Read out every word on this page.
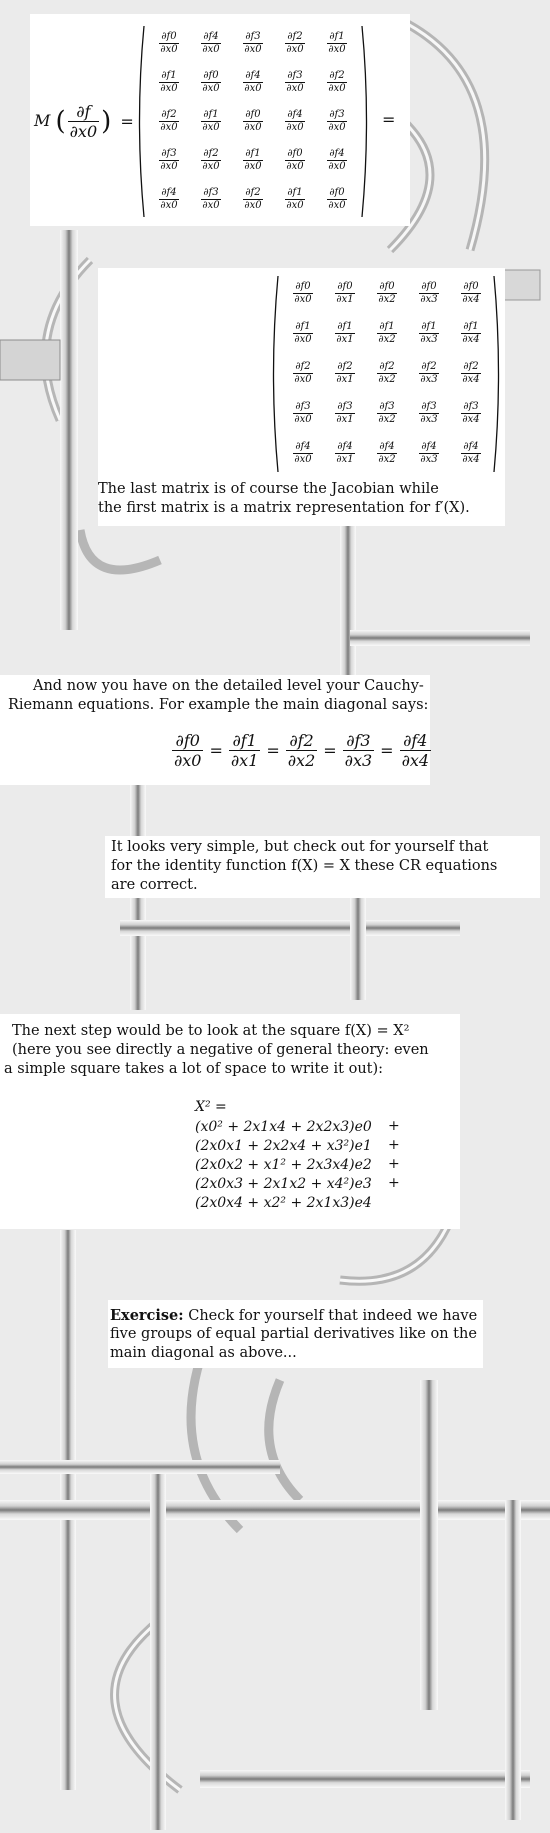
M ( $\frac{\partial f}{\partial x0}$ ) =
$\frac{\partial f0}{\partial x0} \frac{\partial f4}{\partial x0} \frac{\partial f3}{\partial x0} \frac{\partial f2}{\partial x0} \frac{\partial f1}{\partial x0}$
$\frac{\partial f1}{\partial x0} \frac{\partial f0}{\partial x0} \frac{\partial f4}{\partial x0} \frac{\partial f3}{\partial x0} \frac{\partial f2}{\partial x0}$
$\frac{\partial f2}{\partial x0} \frac{\partial f1}{\partial x0} \frac{\partial f0}{\partial x0} \frac{\partial f4}{\partial x0} \frac{\partial f3}{\partial x0}$
$\frac{\partial f3}{\partial x0} \frac{\partial f2}{\partial x0} \frac{\partial f1}{\partial x0} \frac{\partial f0}{\partial x0} \frac{\partial f4}{\partial x0}$
$\frac{\partial f4}{\partial x0} \frac{\partial f3}{\partial x0} \frac{\partial f2}{\partial x0} \frac{\partial f1}{\partial x0} \frac{\partial f0}{\partial x0}$
=
$\frac{\partial f0}{\partial x0} \frac{\partial f0}{\partial x1} \frac{\partial f0}{\partial x2} \frac{\partial f0}{\partial x3} \frac{\partial f0}{\partial x4}$
$\frac{\partial f1}{\partial x0} \frac{\partial f1}{\partial x1} \frac{\partial f1}{\partial x2} \frac{\partial f1}{\partial x3} \frac{\partial f1}{\partial x4}$
$\frac{\partial f2}{\partial x0} \frac{\partial f2}{\partial x1} \frac{\partial f2}{\partial x2} \frac{\partial f2}{\partial x3} \frac{\partial f2}{\partial x4}$
$\frac{\partial f3}{\partial x0} \frac{\partial f3}{\partial x1} \frac{\partial f3}{\partial x2} \frac{\partial f3}{\partial x3} \frac{\partial f3}{\partial x4}$
$\frac{\partial f4}{\partial x0} \frac{\partial f4}{\partial x1} \frac{\partial f4}{\partial x2} \frac{\partial f4}{\partial x3} \frac{\partial f4}{\partial x4}$
The last matrix is of course the Jacobian while
the first matrix is a matrix representation for f′(X).
And now you have on the detailed level your Cauchy-
Riemann equations. For example the main diagonal says:
$\frac{\partial f0}{\partial x0} = \frac{\partial f1}{\partial x1} = \frac{\partial f2}{\partial x2} = \frac{\partial f3}{\partial x3} = \frac{\partial f4}{\partial x4}$
It looks very simple, but check out for yourself that
for the identity function f(X) = X these CR equations
are correct.
The next step would be to look at the square f(X) = X²
(here you see directly a negative of general theory: even
a simple square takes a lot of space to write it out):
X² =
(x0² + 2x1x4 + 2x2x3)e0
(2x0x1 + 2x2x4 + x3²)e1
(2x0x2 + x1² + 2x3x4)e2
(2x0x3 + 2x1x2 + x4²)e3
(2x0x4 + x2² + 2x1x3)e4
+
+
+
+
Exercise: Check for yourself that indeed we have
five groups of equal partial derivatives like on the
main diagonal as above...
